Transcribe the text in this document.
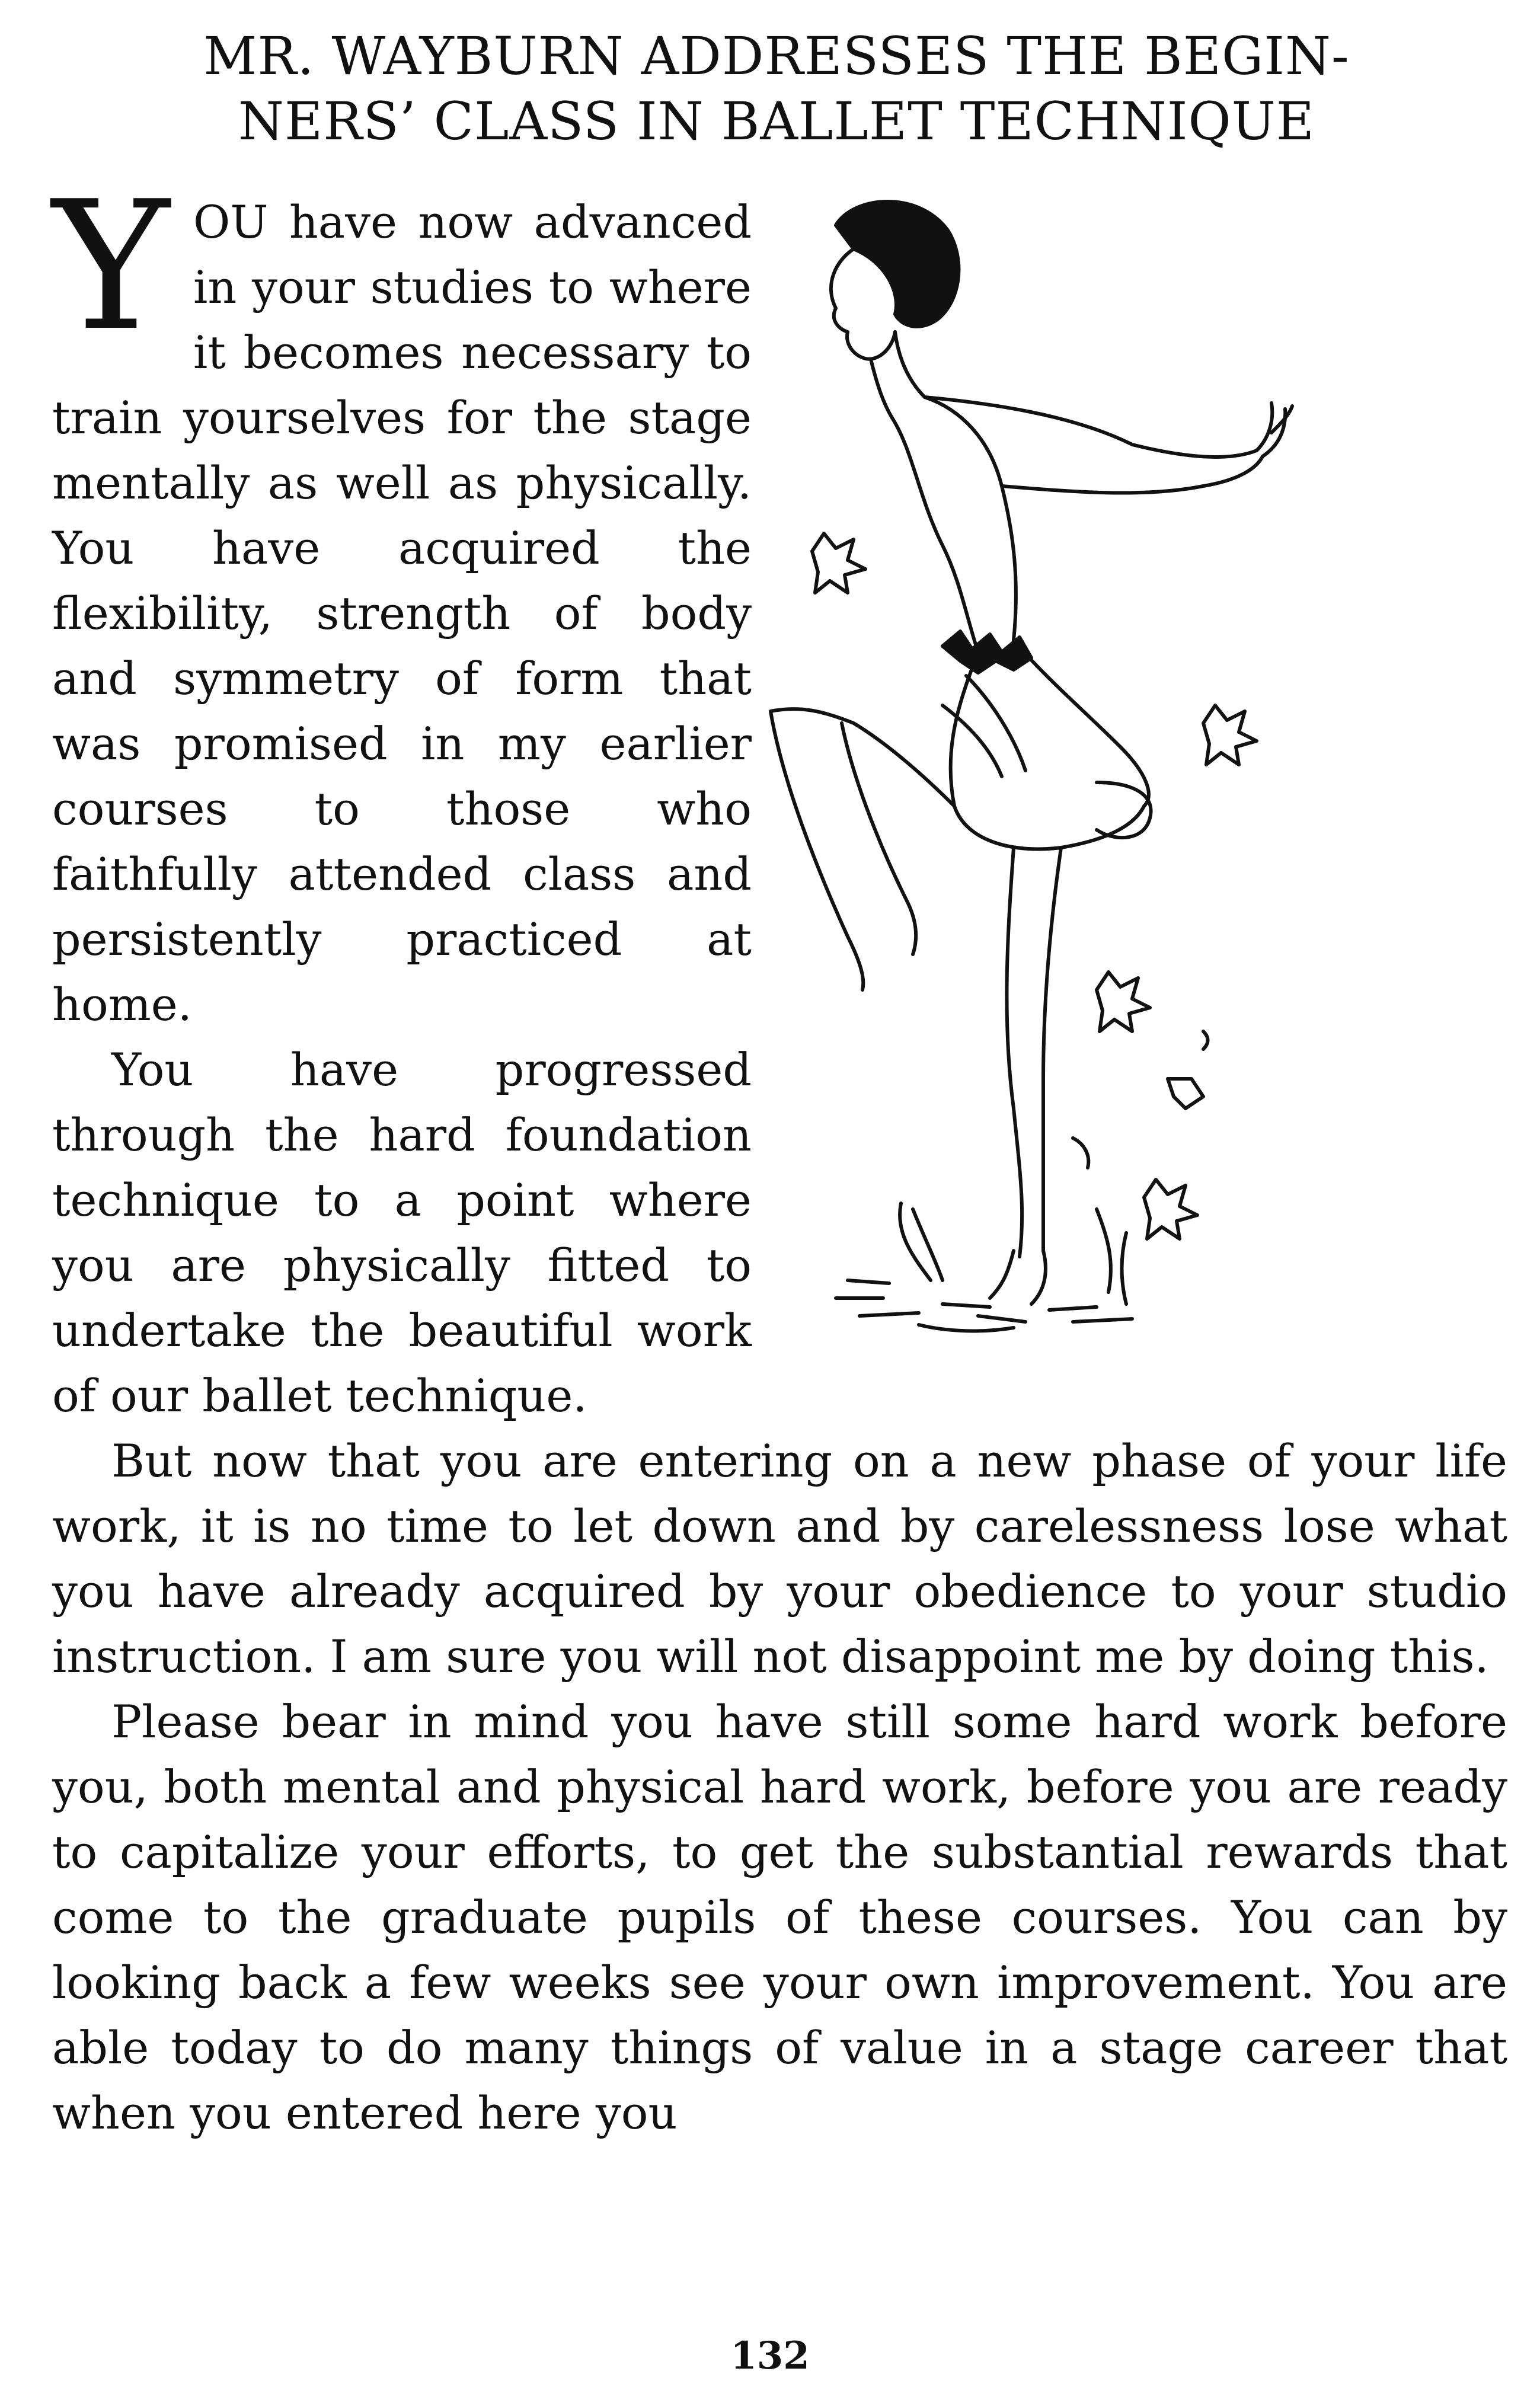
MR. WAYBURN ADDRESSES THE BEGIN-
NERS’ CLASS IN BALLET TECHNIQUE

YOU have now advanced in your studies to where it becomes necessary to train yourselves for the stage mentally as well as physically. You have acquired the flexibility, strength of body and symmetry of form that was promised in my earlier courses to those who faithfully attended class and persistently practiced at home.

You have progressed through the hard foundation technique to a point where you are physically fitted to undertake the beautiful work of our ballet technique.

But now that you are entering on a new phase of your life work, it is no time to let down and by carelessness lose what you have already acquired by your obedience to your studio instruction. I am sure you will not disappoint me by doing this.

Please bear in mind you have still some hard work before you, both mental and physical hard work, before you are ready to capitalize your efforts, to get the substantial rewards that come to the graduate pupils of these courses. You can by looking back a few weeks see your own improvement. You are able today to do many things of value in a stage career that when you entered here you

132
